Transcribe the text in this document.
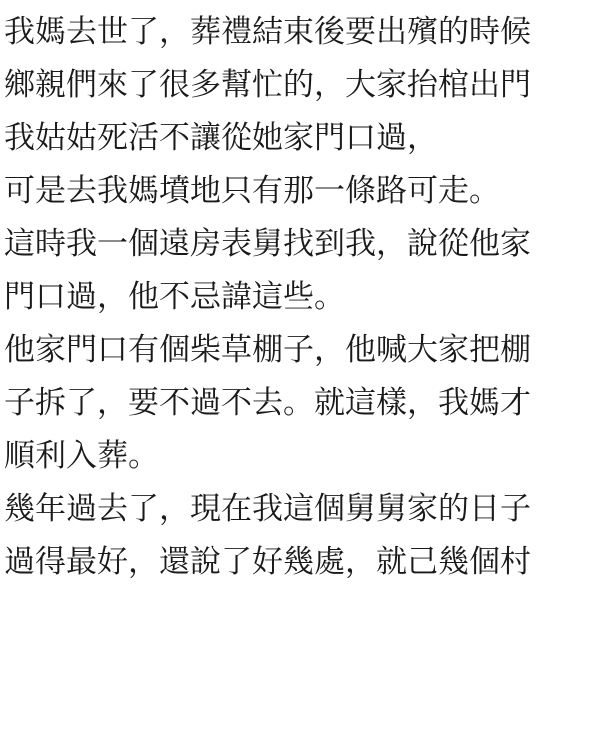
我媽去世了，葬禮結束後要出殯的時候
鄉親們來了很多幫忙的，大家抬棺出門
我姑姑死活不讓從她家門口過，
可是去我媽墳地只有那一條路可走。
這時我一個遠房表舅找到我，說從他家
門口過，他不忌諱這些。
他家門口有個柴草棚子，他喊大家把棚
子拆了，要不過不去。就這樣，我媽才
順利入葬。
幾年過去了，現在我這個舅舅家的日子
過得最好，還說了好幾處，就己幾個村
